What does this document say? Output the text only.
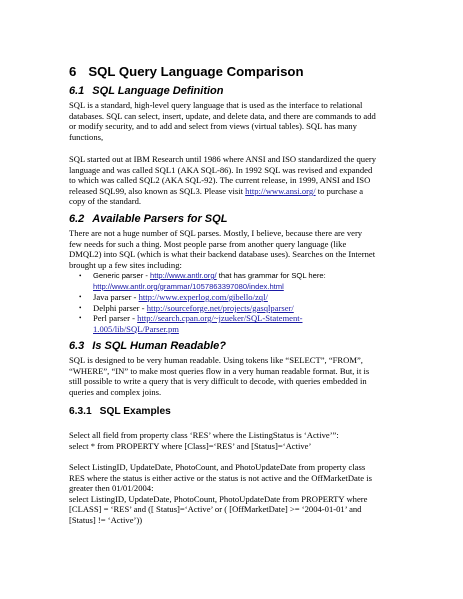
6 SQL Query Language Comparison
6.1 SQL Language Definition
SQL is a standard, high-level query language that is used as the interface to relational
databases. SQL can select, insert, update, and delete data, and there are commands to add
or modify security, and to add and select from views (virtual tables). SQL has many
functions,
SQL started out at IBM Research until 1986 where ANSI and ISO standardized the query
language and was called SQL1 (AKA SQL-86). In 1992 SQL was revised and expanded
to which was called SQL2 (AKA SQL-92). The current release, in 1999, ANSI and ISO
released SQL99, also known as SQL3. Please visit http://www.ansi.org/ to purchase a
copy of the standard.
6.2 Available Parsers for SQL
There are not a huge number of SQL parses. Mostly, I believe, because there are very
few needs for such a thing. Most people parse from another query language (like
DMQL2) into SQL (which is what their backend database uses). Searches on the Internet
brought up a few sites including:
• Generic parser - http://www.antlr.org/ that has grammar for SQL here:
http://www.antlr.org/grammar/1057863397080/index.html
• Java parser - http://www.experlog.com/gibello/zql/
• Delphi parser - http://sourceforge.net/projects/gasqlparser/
• Perl parser - http://search.cpan.org/~jzueker/SQL-Statement-
1.005/lib/SQL/Parser.pm
6.3 Is SQL Human Readable?
SQL is designed to be very human readable. Using tokens like “SELECT”, “FROM”,
“WHERE”, “IN” to make most queries flow in a very human readable format. But, it is
still possible to write a query that is very difficult to decode, with queries embedded in
queries and complex joins.
6.3.1 SQL Examples
Select all field from property class ‘RES’ where the ListingStatus is ‘Active’”:
select * from PROPERTY where [Class]=‘RES’ and [Status]=‘Active’
Select ListingID, UpdateDate, PhotoCount, and PhotoUpdateDate from property class
RES where the status is either active or the status is not active and the OffMarketDate is
greater then 01/01/2004:
select ListingID, UpdateDate, PhotoCount, PhotoUpdateDate from PROPERTY where
[CLASS] = ‘RES’ and ([ Status]=‘Active’ or ( [OffMarketDate] >= ‘2004-01-01’ and
[Status] != ‘Active’))
